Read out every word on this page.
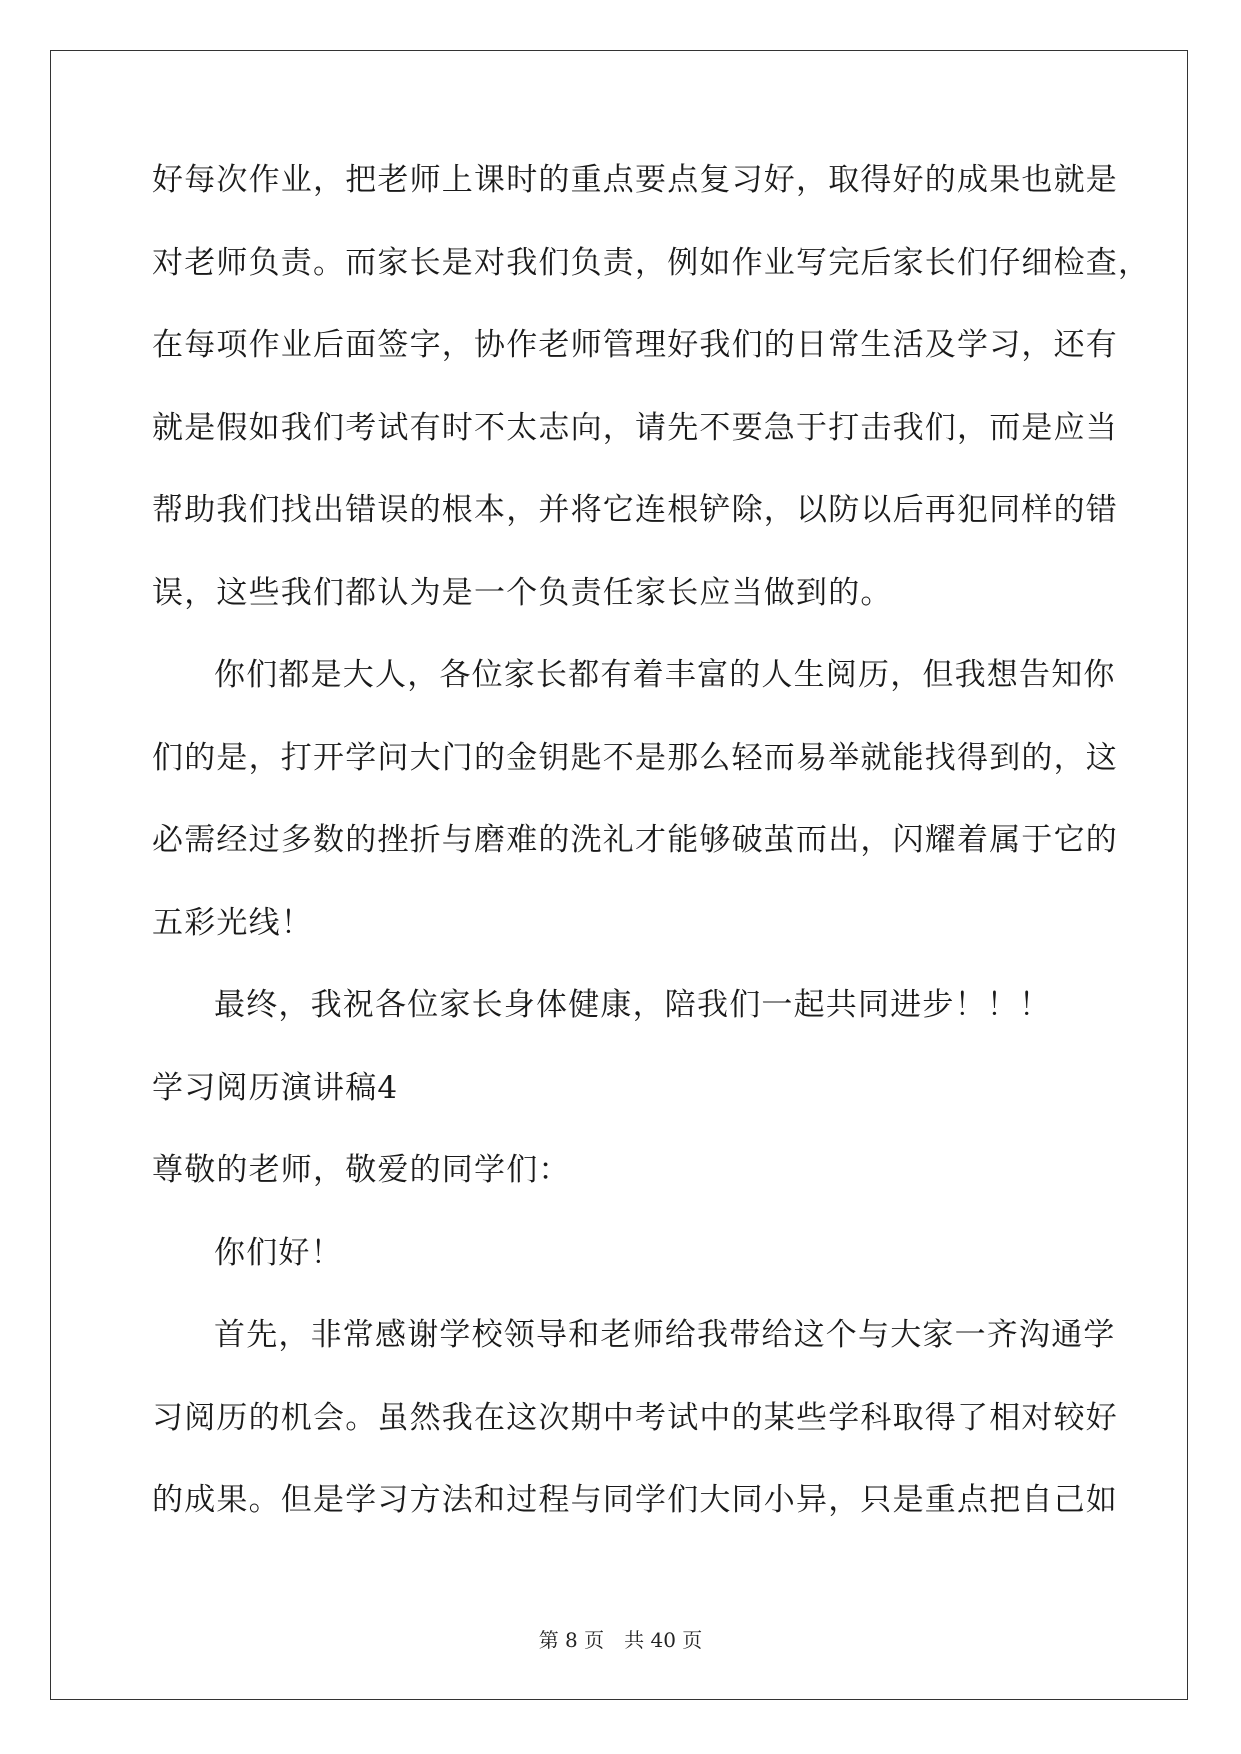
好每次作业，把老师上课时的重点要点复习好，取得好的成果也就是
对老师负责。而家长是对我们负责，例如作业写完后家长们仔细检查，
在每项作业后面签字，协作老师管理好我们的日常生活及学习，还有
就是假如我们考试有时不太志向，请先不要急于打击我们，而是应当
帮助我们找出错误的根本，并将它连根铲除，以防以后再犯同样的错
误，这些我们都认为是一个负责任家长应当做到的。
你们都是大人，各位家长都有着丰富的人生阅历，但我想告知你
们的是，打开学问大门的金钥匙不是那么轻而易举就能找得到的，这
必需经过多数的挫折与磨难的洗礼才能够破茧而出，闪耀着属于它的
五彩光线！
最终，我祝各位家长身体健康，陪我们一起共同进步！！！
学习阅历演讲稿4
尊敬的老师，敬爱的同学们：
你们好！
首先，非常感谢学校领导和老师给我带给这个与大家一齐沟通学
习阅历的机会。虽然我在这次期中考试中的某些学科取得了相对较好
的成果。但是学习方法和过程与同学们大同小异，只是重点把自己如
第 8 页　共 40 页
